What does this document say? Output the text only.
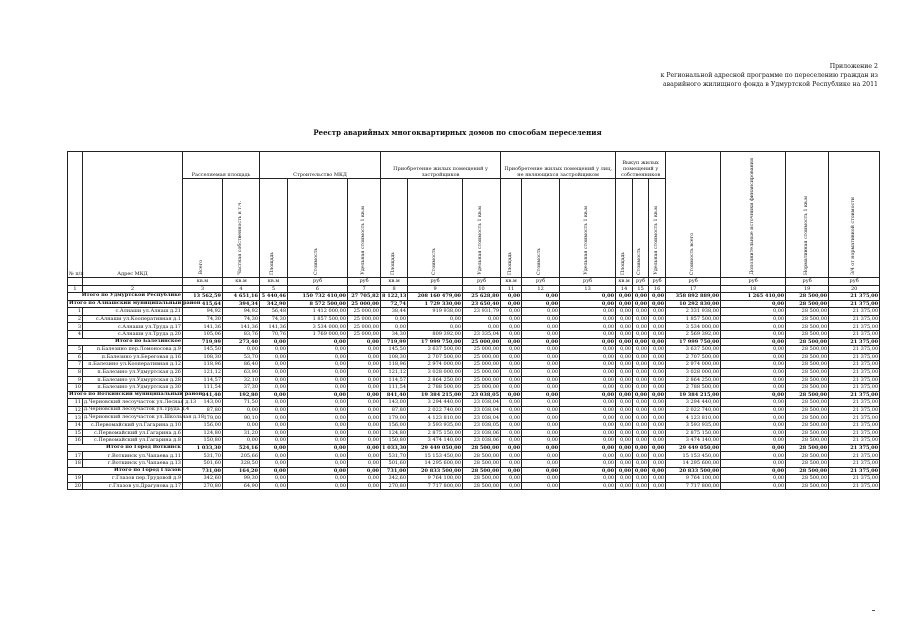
Приложение 2
к Региональной адресной программе по переселению граждан из
аварийного жилищного фонда в Удмуртской Республике на 2011
Реестр аварийных многоквартирных домов по способам переселения
№ п/п	Адрес МКД	Расселяемая площадь		Строительство МКД			Приобретение жилых помещений у застройщиков			Приобретение жилых помещений у лиц, не являющихся застройщиком			Выкуп жилых помещений у собственников			Стоимость всего	Дополнительные источники финансирования	Нормативная стоимость 1 кв.м	3/4 от нормативной стоимости
		Всего	Частная собственность в т.ч.	Площадь	Стоимость	Удельная стоимость 1 кв.м	Площадь	Стоимость	Удельная стоимость 1 кв.м	Площадь	Стоимость	Удельная стоимость 1 кв.м	Площадь	Стоимость	Удельная стоимость 1 кв.м				
		кв.м	кв.м	кв.м	руб	руб	кв.м	руб	руб	кв.м	руб	руб	кв.м	руб	руб	руб	руб	руб	руб
1	2	3	4	5	6	7	8	9	10	11	12	13	14	15	16	17	18	19	20
Итого по Удмуртской Республике		13 562,59	4 651,16	5 440,46	150 732 410,00	27 705,82	8 122,13	208 160 479,00	25 628,80	0,00	0,00	0,00	0,00	0,00	0,00	358 892 889,00	1 265 410,00	28 500,00	21 375,00
Итого по Алнашский муниципальный район		415,64	394,34	342,90	8 572 500,00	25 000,00	72,74	1 729 330,00	23 650,40	0,00	0,00	0,00	0,00	0,00	0,00	10 292 830,00	0,00	28 500,00	21 375,00
1	с.Алнаши ул.Алнаш д.21	94,92	94,92	56,48	1 412 000,00	25 000,00	38,44	919 938,00	23 931,79	0,00	0,00	0,00	0,00	0,00	0,00	2 331 938,00	0,00	28 500,00	21 375,00
2	с.Алнаши ул.Кооперативная д.1	74,30	74,30	74,30	1 857 500,00	25 000,00	0,00	0,00	0,00	0,00	0,00	0,00	0,00	0,00	0,00	1 857 500,00	0,00	28 500,00	21 375,00
3	с.Алнаши ул.Труда д.17	141,36	141,36	141,36	3 534 000,00	25 000,00	0,00	0,00	0,00	0,00	0,00	0,00	0,00	0,00	0,00	3 534 000,00	0,00	28 500,00	21 375,00
4	с.Алнаши ул.Труда д.20	105,06	83,76	70,76	1 769 000,00	25 000,00	34,30	809 392,00	23 335,04	0,00	0,00	0,00	0,00	0,00	0,00	2 569 392,00	0,00	28 500,00	21 375,00
Итого по Балезинское		719,99	273,40	0,00	0,00	0,00	719,99	17 999 750,00	25 000,00	0,00	0,00	0,00	0,00	0,00	0,00	17 999 750,00	0,00	28 500,00	21 375,00
5	п.Балезино пер.Ломоносова д.9	145,50	0,00	0,00	0,00	0,00	145,50	3 637 500,00	25 000,00	0,00	0,00	0,00	0,00	0,00	0,00	3 637 500,00	0,00	28 500,00	21 375,00
6	п.Балезино ул.Береговая д.16	108,30	53,70	0,00	0,00	0,00	108,30	2 707 500,00	25 000,00	0,00	0,00	0,00	0,00	0,00	0,00	2 707 500,00	0,00	28 500,00	21 375,00
7	п.Балезино ул.Кооперативная д.12	118,96	86,40	0,00	0,00	0,00	118,96	2 974 000,00	25 000,00	0,00	0,00	0,00	0,00	0,00	0,00	2 974 000,00	0,00	28 500,00	21 375,00
8	п.Балезино ул.Удмуртская д.26	121,12	63,90	0,00	0,00	0,00	121,12	3 028 000,00	25 000,00	0,00	0,00	0,00	0,00	0,00	0,00	3 028 000,00	0,00	28 500,00	21 375,00
9	п.Балезино ул.Удмуртская д.28	114,57	32,10	0,00	0,00	0,00	114,57	2 864 250,00	25 000,00	0,00	0,00	0,00	0,00	0,00	0,00	2 864 250,00	0,00	28 500,00	21 375,00
10	п.Балезино ул.Удмуртская д.30	111,54	37,30	0,00	0,00	0,00	111,54	2 788 500,00	25 000,00	0,00	0,00	0,00	0,00	0,00	0,00	2 788 500,00	0,00	28 500,00	21 375,00
Итого по Воткинский муниципальный район		841,40	192,80	0,00	0,00	0,00	841,40	19 384 215,00	23 038,05	0,00	0,00	0,00	0,00	0,00	0,00	19 384 215,00	0,00	28 500,00	21 375,00
11	д.Черновский лесоучасток ул.Лесная д.13	143,00	71,50	0,00	0,00	0,00	143,00	3 294 440,00	23 038,04	0,00	0,00	0,00	0,00	0,00	0,00	3 294 440,00	0,00	28 500,00	21 375,00
12	д.Черновский лесоучасток ул.Труда д.4	87,80	0,00	0,00	0,00	0,00	87,80	2 022 740,00	23 038,04	0,00	0,00	0,00	0,00	0,00	0,00	2 022 740,00	0,00	28 500,00	21 375,00
13	д.Черновский лесоучасток ул.Школьная д.18	179,00	90,10	0,00	0,00	0,00	179,00	4 123 810,00	23 038,04	0,00	0,00	0,00	0,00	0,00	0,00	4 123 810,00	0,00	28 500,00	21 375,00
14	с.Первомайский ул.Гагарина д.10	156,00	0,00	0,00	0,00	0,00	156,00	3 593 935,00	23 038,05	0,00	0,00	0,00	0,00	0,00	0,00	3 593 935,00	0,00	28 500,00	21 375,00
15	с.Первомайский ул.Гагарина д.6	124,80	31,20	0,00	0,00	0,00	124,80	2 875 150,00	23 038,06	0,00	0,00	0,00	0,00	0,00	0,00	2 875 150,00	0,00	28 500,00	21 375,00
16	с.Первомайский ул.Гагарина д.8	150,80	0,00	0,00	0,00	0,00	150,80	3 474 140,00	23 038,06	0,00	0,00	0,00	0,00	0,00	0,00	3 474 140,00	0,00	28 500,00	21 375,00
Итого по Город Воткинск		1 033,30	524,16	0,00	0,00	0,00	1 033,30	29 449 050,00	28 500,00	0,00	0,00	0,00	0,00	0,00	0,00	29 449 050,00	0,00	28 500,00	21 375,00
17	г.Воткинск ул.Чапаева д.11	531,70	205,66	0,00	0,00	0,00	531,70	15 153 450,00	28 500,00	0,00	0,00	0,00	0,00	0,00	0,00	15 153 450,00	0,00	28 500,00	21 375,00
18	г.Воткинск ул.Чапаева д.13	501,60	328,50	0,00	0,00	0,00	501,60	14 295 600,00	28 500,00	0,00	0,00	0,00	0,00	0,00	0,00	14 295 600,00	0,00	28 500,00	21 375,00
Итого по Город Глазов		731,00	164,20	0,00	0,00	0,00	731,00	20 833 500,00	28 500,00	0,00	0,00	0,00	0,00	0,00	0,00	20 833 500,00	0,00	28 500,00	21 375,00
19	г.Глазов пер.Трудовой д.9	342,60	99,30	0,00	0,00	0,00	342,60	9 764 100,00	28 500,00	0,00	0,00	0,00	0,00	0,00	0,00	9 764 100,00	0,00	28 500,00	21 375,00
20	г.Глазов ул.Драгунова д.17	270,80	64,90	0,00	0,00	0,00	270,80	7 717 800,00	28 500,00	0,00	0,00	0,00	0,00	0,00	0,00	7 717 800,00	0,00	28 500,00	21 375,00
